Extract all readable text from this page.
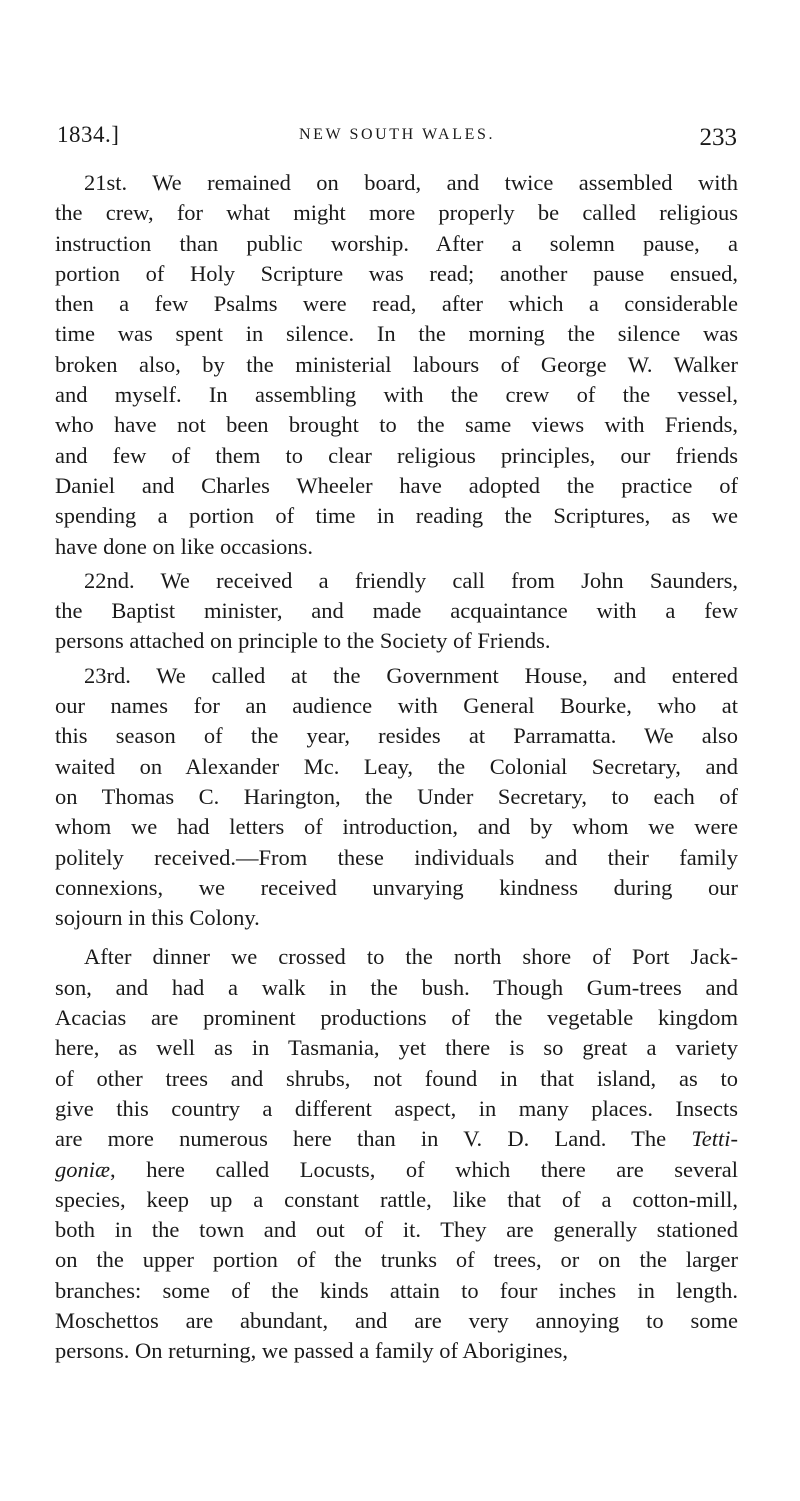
1834.]	NEW SOUTH WALES.	233
21st. We remained on board, and twice assembled with
the crew, for what might more properly be called religious
instruction than public worship. After a solemn pause, a
portion of Holy Scripture was read; another pause ensued,
then a few Psalms were read, after which a considerable
time was spent in silence. In the morning the silence was
broken also, by the ministerial labours of George W. Walker
and myself. In assembling with the crew of the vessel,
who have not been brought to the same views with Friends,
and few of them to clear religious principles, our friends
Daniel and Charles Wheeler have adopted the practice of
spending a portion of time in reading the Scriptures, as we
have done on like occasions.
22nd. We received a friendly call from John Saunders,
the Baptist minister, and made acquaintance with a few
persons attached on principle to the Society of Friends.
23rd. We called at the Government House, and entered
our names for an audience with General Bourke, who at
this season of the year, resides at Parramatta. We also
waited on Alexander Mc. Leay, the Colonial Secretary, and
on Thomas C. Harington, the Under Secretary, to each of
whom we had letters of introduction, and by whom we were
politely received.—From these individuals and their family
connexions, we received unvarying kindness during our
sojourn in this Colony.
After dinner we crossed to the north shore of Port Jack-
son, and had a walk in the bush. Though Gum-trees and
Acacias are prominent productions of the vegetable kingdom
here, as well as in Tasmania, yet there is so great a variety
of other trees and shrubs, not found in that island, as to
give this country a different aspect, in many places. Insects
are more numerous here than in V. D. Land. The Tetti-
goniæ, here called Locusts, of which there are several
species, keep up a constant rattle, like that of a cotton-mill,
both in the town and out of it. They are generally stationed
on the upper portion of the trunks of trees, or on the larger
branches: some of the kinds attain to four inches in length.
Moschettos are abundant, and are very annoying to some
persons. On returning, we passed a family of Aborigines,
